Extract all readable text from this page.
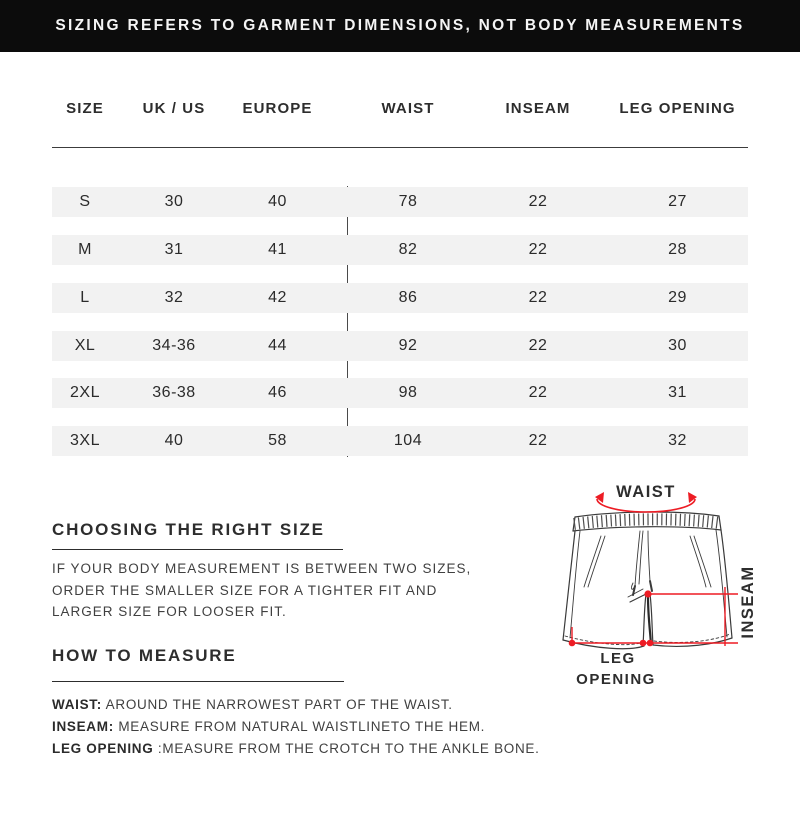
SIZING REFERS TO GARMENT DIMENSIONS, NOT BODY MEASUREMENTS
SIZE	UK / US	EUROPE	WAIST	INSEAM	LEG OPENING
S	30	40	78	22	27
M	31	41	82	22	28
L	32	42	86	22	29
XL	34-36	44	92	22	30
2XL	36-38	46	98	22	31
3XL	40	58	104	22	32
CHOOSING THE RIGHT SIZE
IF YOUR BODY MEASUREMENT IS BETWEEN TWO SIZES,
ORDER THE SMALLER SIZE FOR A TIGHTER FIT AND
LARGER SIZE FOR LOOSER FIT.
HOW TO MEASURE
WAIST: AROUND THE NARROWEST PART OF THE WAIST.
INSEAM: MEASURE FROM NATURAL WAISTLINETO THE HEM.
LEG OPENING :MEASURE FROM THE CROTCH TO THE ANKLE BONE.
WAIST
INSEAM
LEG
OPENING
